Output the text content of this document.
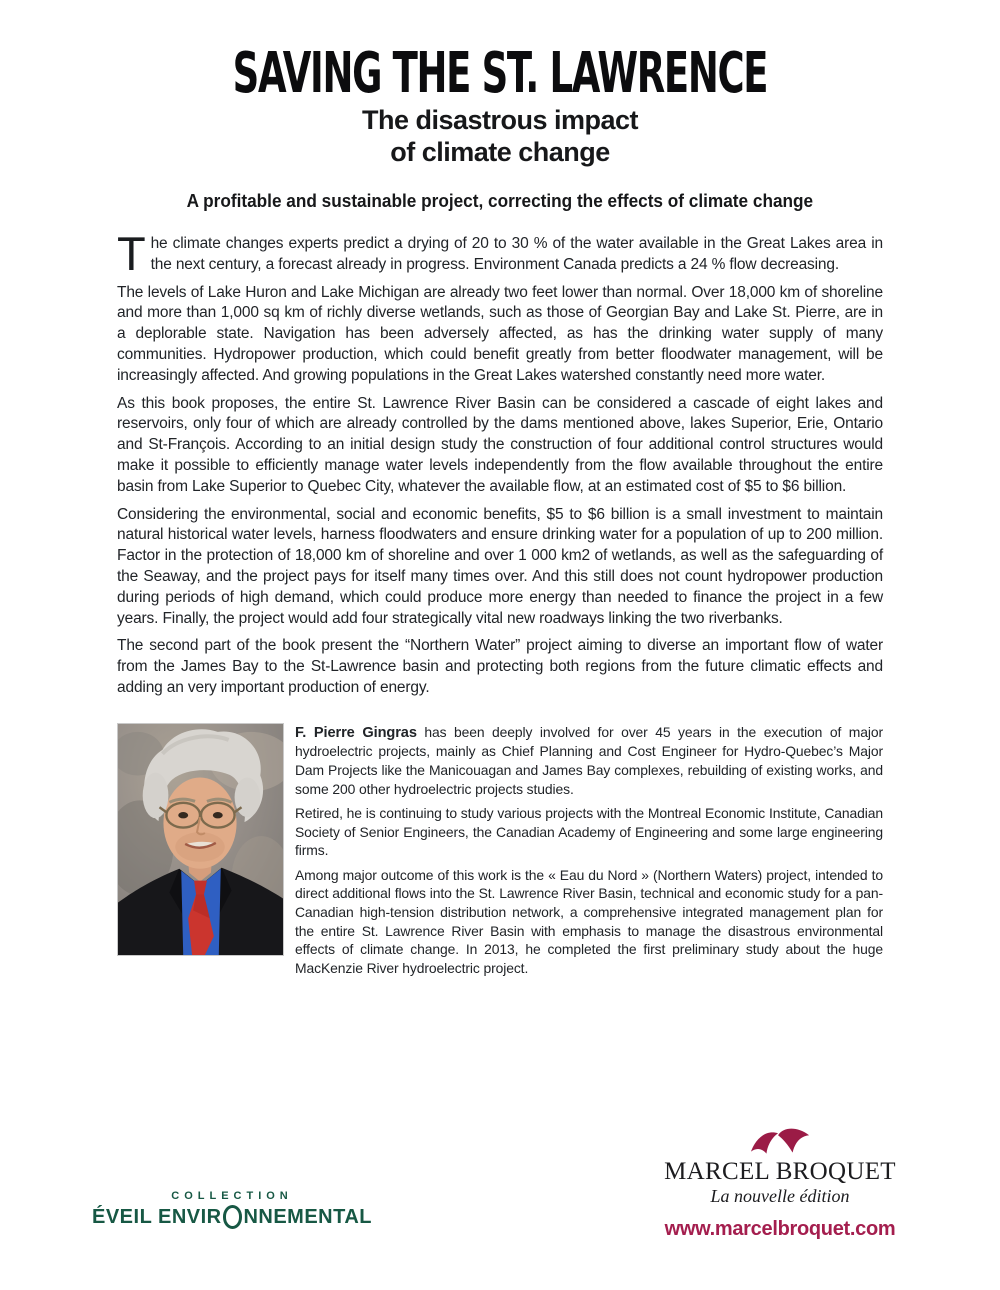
SAVING THE ST. LAWRENCE
The disastrous impact
of climate change
A profitable and sustainable project, correcting the effects of climate change

The climate changes experts predict a drying of 20 to 30 % of the water available in the Great Lakes area in the next century, a forecast already in progress. Environment Canada predicts a 24 % flow decreasing.

The levels of Lake Huron and Lake Michigan are already two feet lower than normal. Over 18,000 km of shoreline and more than 1,000 sq km of richly diverse wetlands, such as those of Georgian Bay and Lake St. Pierre, are in a deplorable state. Navigation has been adversely affected, as has the drinking water supply of many communities. Hydropower production, which could benefit greatly from better floodwater management, will be increasingly affected. And growing populations in the Great Lakes watershed constantly need more water.

As this book proposes, the entire St. Lawrence River Basin can be considered a cascade of eight lakes and reservoirs, only four of which are already controlled by the dams mentioned above, lakes Superior, Erie, Ontario and St-François. According to an initial design study the construction of four additional control structures would make it possible to efficiently manage water levels independently from the flow available throughout the entire basin from Lake Superior to Quebec City, whatever the available flow, at an estimated cost of $5 to $6 billion.

Considering the environmental, social and economic benefits, $5 to $6 billion is a small investment to maintain natural historical water levels, harness floodwaters and ensure drinking water for a population of up to 200 million. Factor in the protection of 18,000 km of shoreline and over 1 000 km2 of wetlands, as well as the safeguarding of the Seaway, and the project pays for itself many times over. And this still does not count hydropower production during periods of high demand, which could produce more energy than needed to finance the project in a few years. Finally, the project would add four strategically vital new roadways linking the two riverbanks.

The second part of the book present the “Northern Water” project aiming to diverse an important flow of water from the James Bay to the St-Lawrence basin and protecting both regions from the future climatic effects and adding an very important production of energy.

F. Pierre Gingras has been deeply involved for over 45 years in the execution of major hydroelectric projects, mainly as Chief Planning and Cost Engineer for Hydro-Quebec’s Major Dam Projects like the Manicouagan and James Bay complexes, rebuilding of existing works, and some 200 other hydroelectric projects studies.

Retired, he is continuing to study various projects with the Montreal Economic Institute, Canadian Society of Senior Engineers, the Canadian Academy of Engineering and some large engineering firms.

Among major outcome of this work is the « Eau du Nord » (Northern Waters) project, intended to direct additional flows into the St. Lawrence River Basin, technical and economic study for a pan-Canadian high-tension distribution network, a comprehensive integrated management plan for the entire St. Lawrence River Basin with emphasis to manage the disastrous environmental effects of climate change. In 2013, he completed the first preliminary study about the huge MacKenzie River hydroelectric project.

COLLECTION
ÉVEIL ENVIR NNEMENTAL
MARCEL BROQUET
La nouvelle édition
www.marcelbroquet.com
